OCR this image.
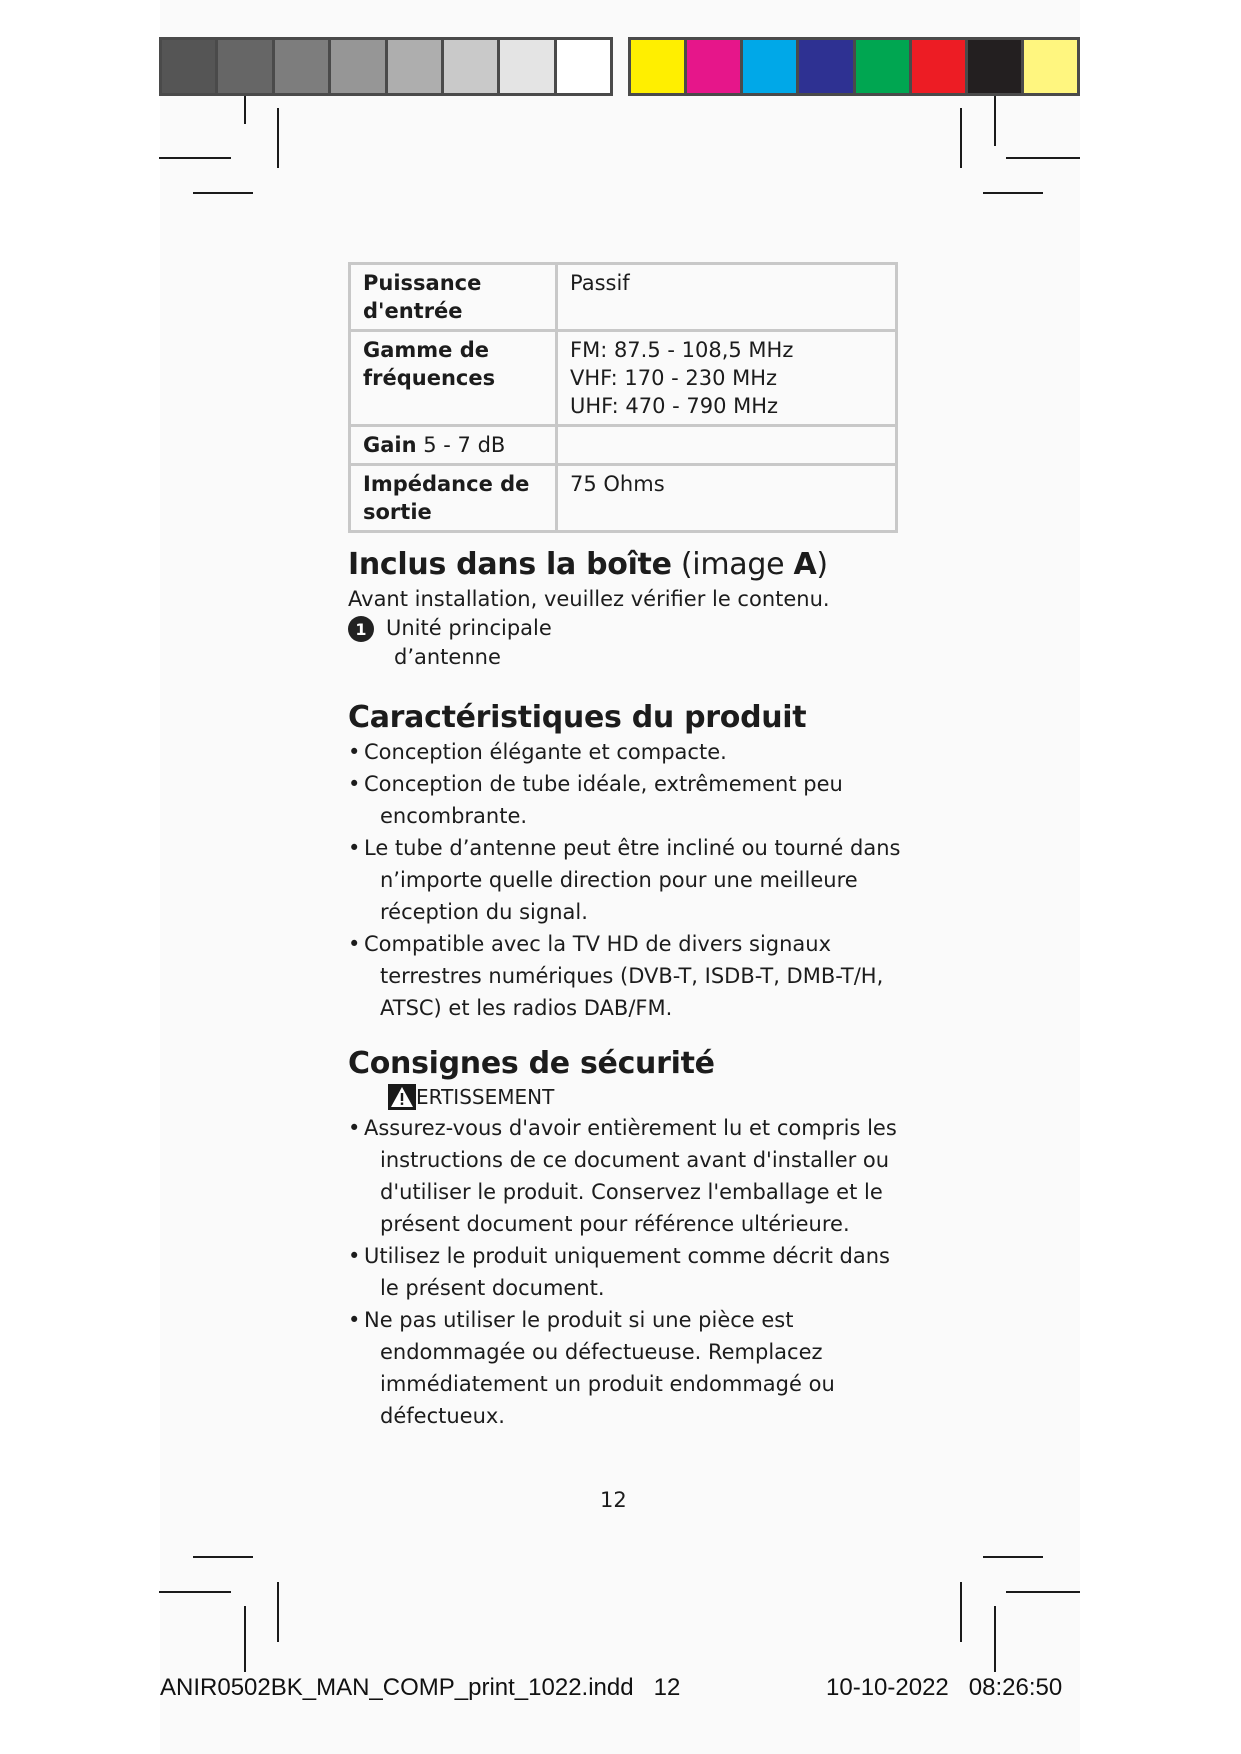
Puissance d'entrée	Passif
Gamme de fréquences	FM: 87.5 - 108,5 MHz
VHF: 170 - 230 MHz
UHF: 470 - 790 MHz

Gain 5 - 7 dB	
Impédance de sortie	75 Ohms
Inclus dans la boîte (image A)

Avant installation, veuillez vérifier le contenu.

1 Unité principale
d’antenne
Caractéristiques du produit
• Conception élégante et compacte.
• Conception de tube idéale, extrêmement peu encombrante.
• Le tube d’antenne peut être incliné ou tourné dans n’importe quelle direction pour une meilleure réception du signal.
• Compatible avec la TV HD de divers signaux terrestres numériques (DVB-T, ISDB-T, DMB-T/H, ATSC) et les radios DAB/FM.
Consignes de sécurité
ERTISSEMENT
• Assurez-vous d'avoir entièrement lu et compris les instructions de ce document avant d'installer ou d'utiliser le produit. Conservez l'emballage et le présent document pour référence ultérieure.
• Utilisez le produit uniquement comme décrit dans le présent document.
• Ne pas utiliser le produit si une pièce est endommagée ou défectueuse. Remplacez immédiatement un produit endommagé ou défectueux.
12
ANIR0502BK_MAN_COMP_print_1022.indd   12	10-10-2022 08:26:50
